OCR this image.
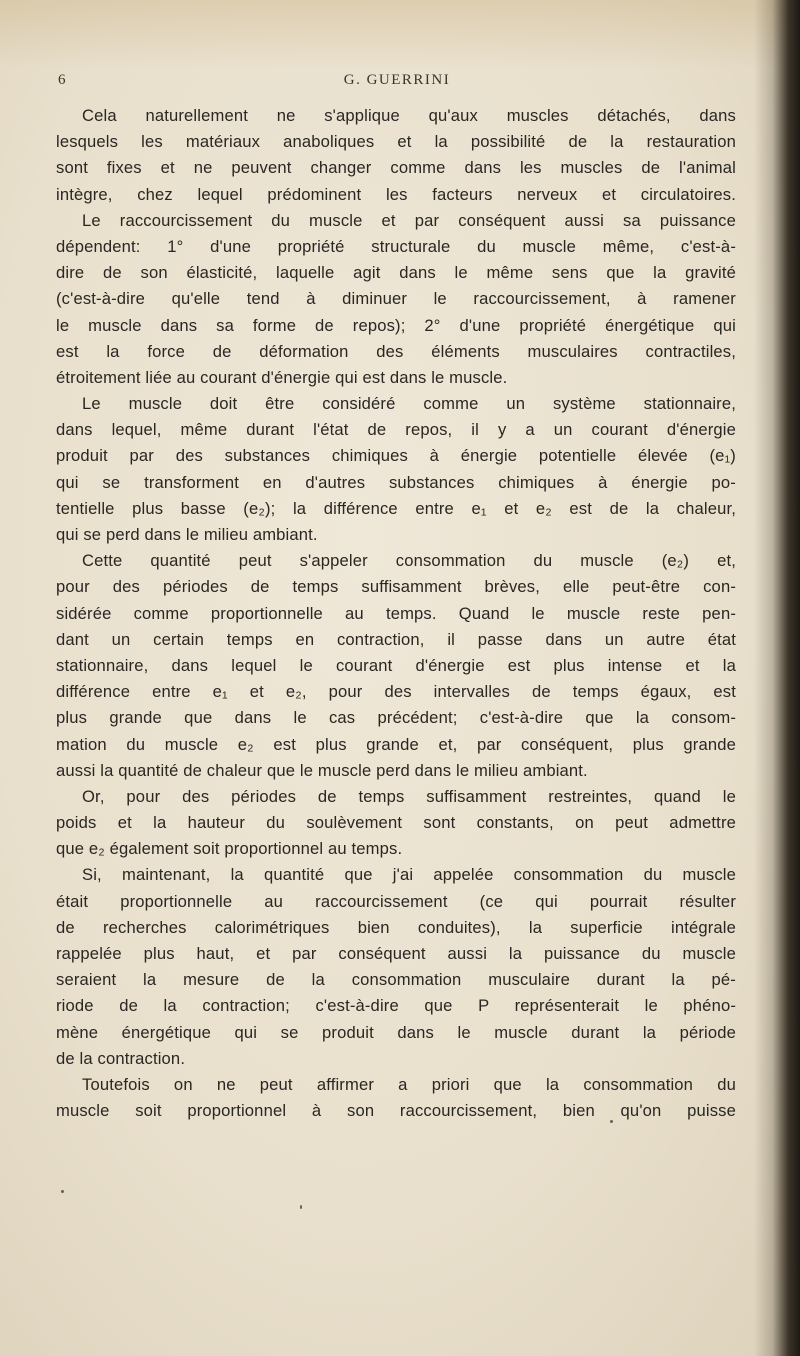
6	G. GUERRINI
Cela naturellement ne s'applique qu'aux muscles détachés, dans
lesquels les matériaux anaboliques et la possibilité de la restauration
sont fixes et ne peuvent changer comme dans les muscles de l'animal
intègre, chez lequel prédominent les facteurs nerveux et circulatoires.
Le raccourcissement du muscle et par conséquent aussi sa puissance
dépendent: 1° d'une propriété structurale du muscle même, c'est-à-
dire de son élasticité, laquelle agit dans le même sens que la gravité
(c'est-à-dire qu'elle tend à diminuer le raccourcissement, à ramener
le muscle dans sa forme de repos); 2° d'une propriété énergétique qui
est la force de déformation des éléments musculaires contractiles,
étroitement liée au courant d'énergie qui est dans le muscle.
Le muscle doit être considéré comme un système stationnaire,
dans lequel, même durant l'état de repos, il y a un courant d'énergie
produit par des substances chimiques à énergie potentielle élevée (e₁)
qui se transforment en d'autres substances chimiques à énergie po-
tentielle plus basse (e₂); la différence entre e₁ et e₂ est de la chaleur,
qui se perd dans le milieu ambiant.
Cette quantité peut s'appeler consommation du muscle (e₂) et,
pour des périodes de temps suffisamment brèves, elle peut-être con-
sidérée comme proportionnelle au temps. Quand le muscle reste pen-
dant un certain temps en contraction, il passe dans un autre état
stationnaire, dans lequel le courant d'énergie est plus intense et la
différence entre e₁ et e₂, pour des intervalles de temps égaux, est
plus grande que dans le cas précédent; c'est-à-dire que la consom-
mation du muscle e₂ est plus grande et, par conséquent, plus grande
aussi la quantité de chaleur que le muscle perd dans le milieu ambiant.
Or, pour des périodes de temps suffisamment restreintes, quand le
poids et la hauteur du soulèvement sont constants, on peut admettre
que e₂ également soit proportionnel au temps.
Si, maintenant, la quantité que j'ai appelée consommation du muscle
était proportionnelle au raccourcissement (ce qui pourrait résulter
de recherches calorimétriques bien conduites), la superficie intégrale
rappelée plus haut, et par conséquent aussi la puissance du muscle
seraient la mesure de la consommation musculaire durant la pé-
riode de la contraction; c'est-à-dire que P représenterait le phéno-
mène énergétique qui se produit dans le muscle durant la période
de la contraction.
Toutefois on ne peut affirmer a priori que la consommation du
muscle soit proportionnel à son raccourcissement, bien qu'on puisse
